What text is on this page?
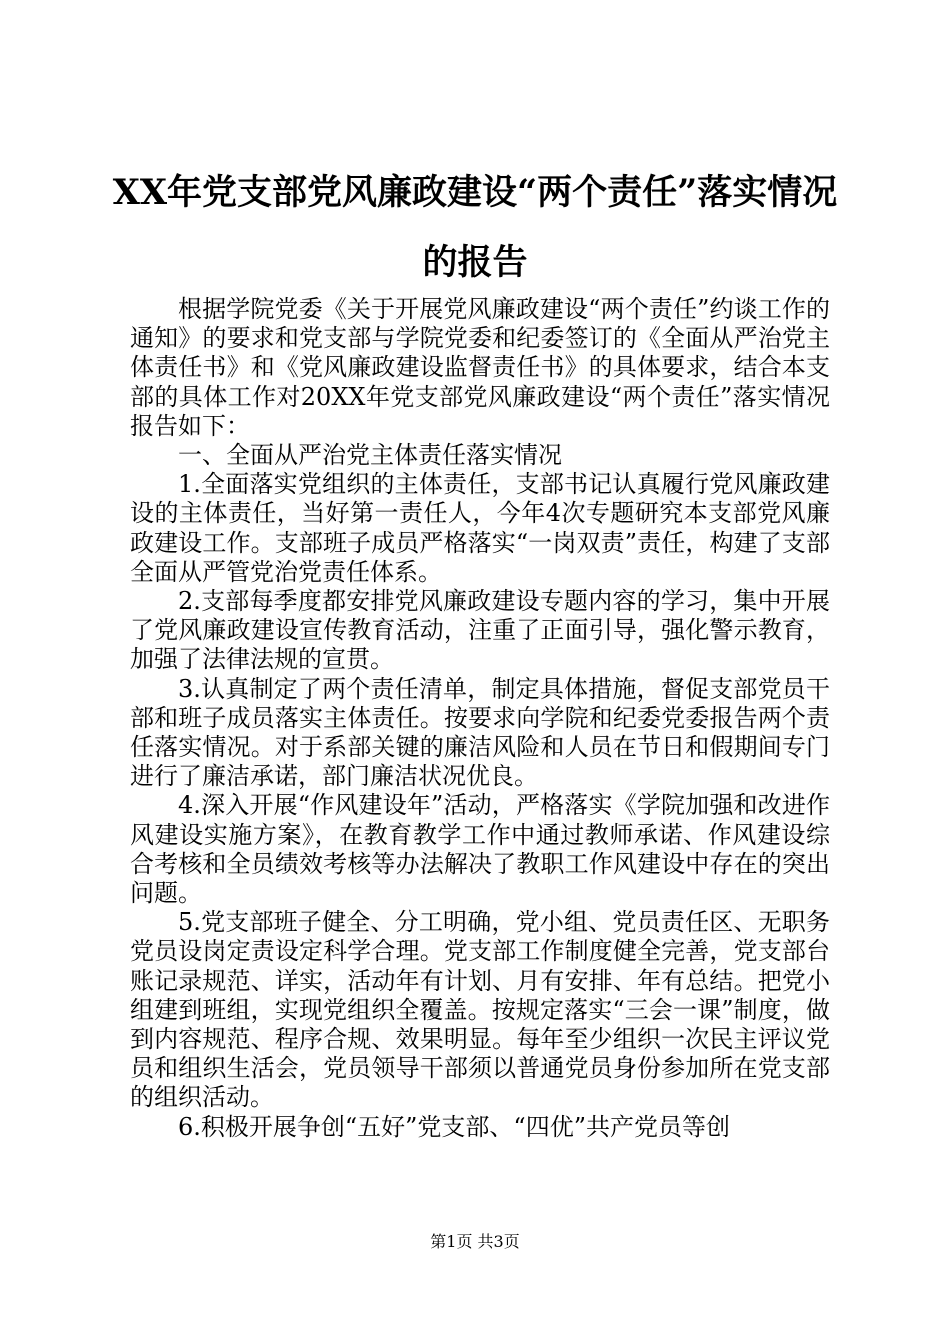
XX年党支部党风廉政建设“两个责任”落实情况的报告

根据学院党委《关于开展党风廉政建设“两个责任”约谈工作的通知》的要求和党支部与学院党委和纪委签订的《全面从严治党主体责任书》和《党风廉政建设监督责任书》的具体要求，结合本支部的具体工作对20XX年党支部党风廉政建设“两个责任”落实情况报告如下：

一、全面从严治党主体责任落实情况

1.全面落实党组织的主体责任，支部书记认真履行党风廉政建设的主体责任，当好第一责任人，今年4次专题研究本支部党风廉政建设工作。支部班子成员严格落实“一岗双责”责任，构建了支部全面从严管党治党责任体系。

2.支部每季度都安排党风廉政建设专题内容的学习，集中开展了党风廉政建设宣传教育活动，注重了正面引导，强化警示教育，加强了法律法规的宣贯。

3.认真制定了两个责任清单，制定具体措施，督促支部党员干部和班子成员落实主体责任。按要求向学院和纪委党委报告两个责任落实情况。对于系部关键的廉洁风险和人员在节日和假期间专门进行了廉洁承诺，部门廉洁状况优良。

4.深入开展“作风建设年”活动，严格落实《学院加强和改进作风建设实施方案》，在教育教学工作中通过教师承诺、作风建设综合考核和全员绩效考核等办法解决了教职工作风建设中存在的突出问题。

5.党支部班子健全、分工明确，党小组、党员责任区、无职务党员设岗定责设定科学合理。党支部工作制度健全完善，党支部台账记录规范、详实，活动年有计划、月有安排、年有总结。把党小组建到班组，实现党组织全覆盖。按规定落实“三会一课”制度，做到内容规范、程序合规、效果明显。每年至少组织一次民主评议党员和组织生活会，党员领导干部须以普通党员身份参加所在党支部的组织活动。

6.积极开展争创“五好”党支部、“四优”共产党员等创

第1页 共3页
